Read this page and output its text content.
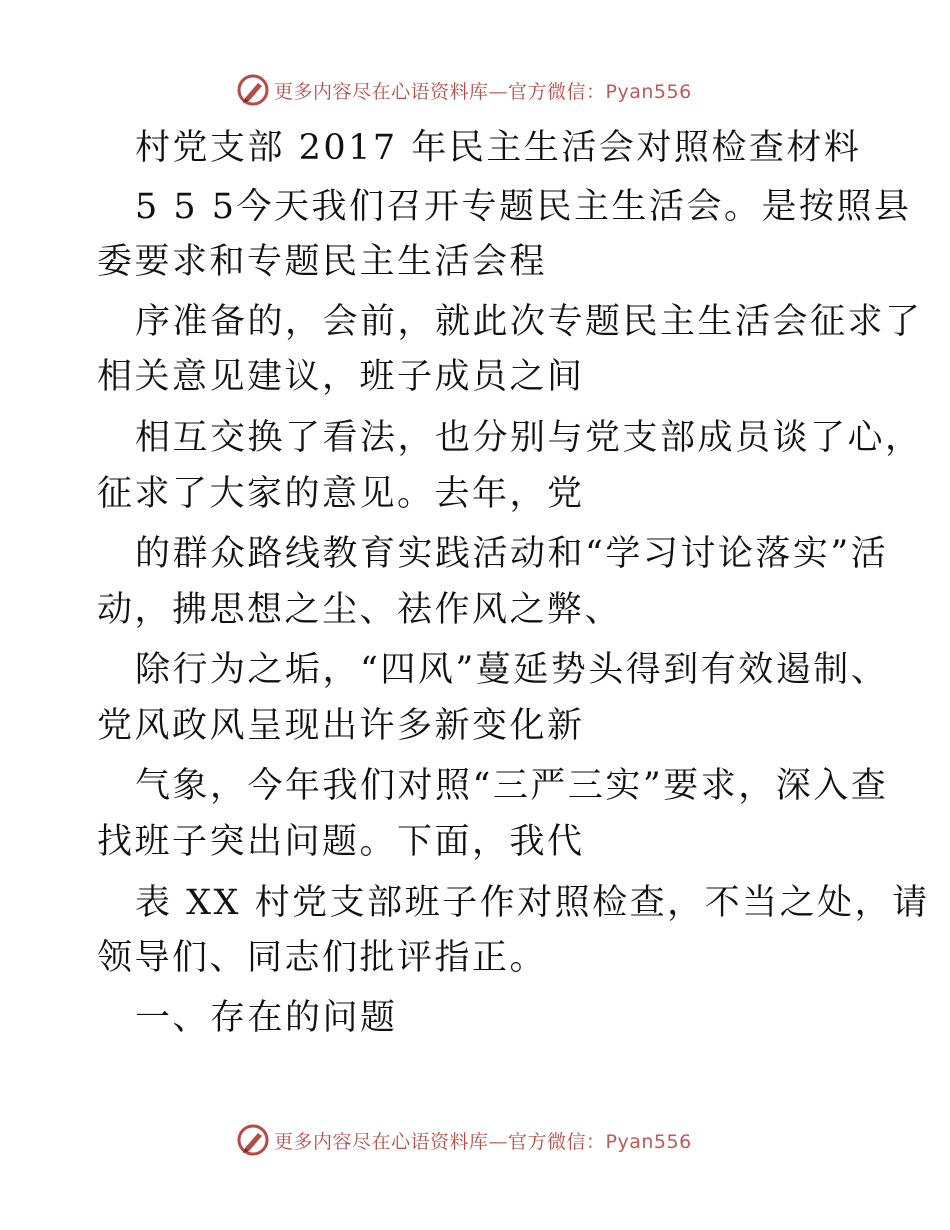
更多内容尽在心语资料库—官方微信：Pyan556
村党支部 2017 年民主生活会对照检查材料
5 5 5今天我们召开专题民主生活会。是按照县
委要求和专题民主生活会程
序准备的，会前，就此次专题民主生活会征求了
相关意见建议，班子成员之间
相互交换了看法，也分别与党支部成员谈了心，
征求了大家的意见。去年，党
的群众路线教育实践活动和“学习讨论落实”活
动，拂思想之尘、祛作风之弊、
除行为之垢，“四风”蔓延势头得到有效遏制、
党风政风呈现出许多新变化新
气象，今年我们对照“三严三实”要求，深入查
找班子突出问题。下面，我代
表 XX 村党支部班子作对照检查，不当之处，请
领导们、同志们批评指正。
一、存在的问题
更多内容尽在心语资料库—官方微信：Pyan556
